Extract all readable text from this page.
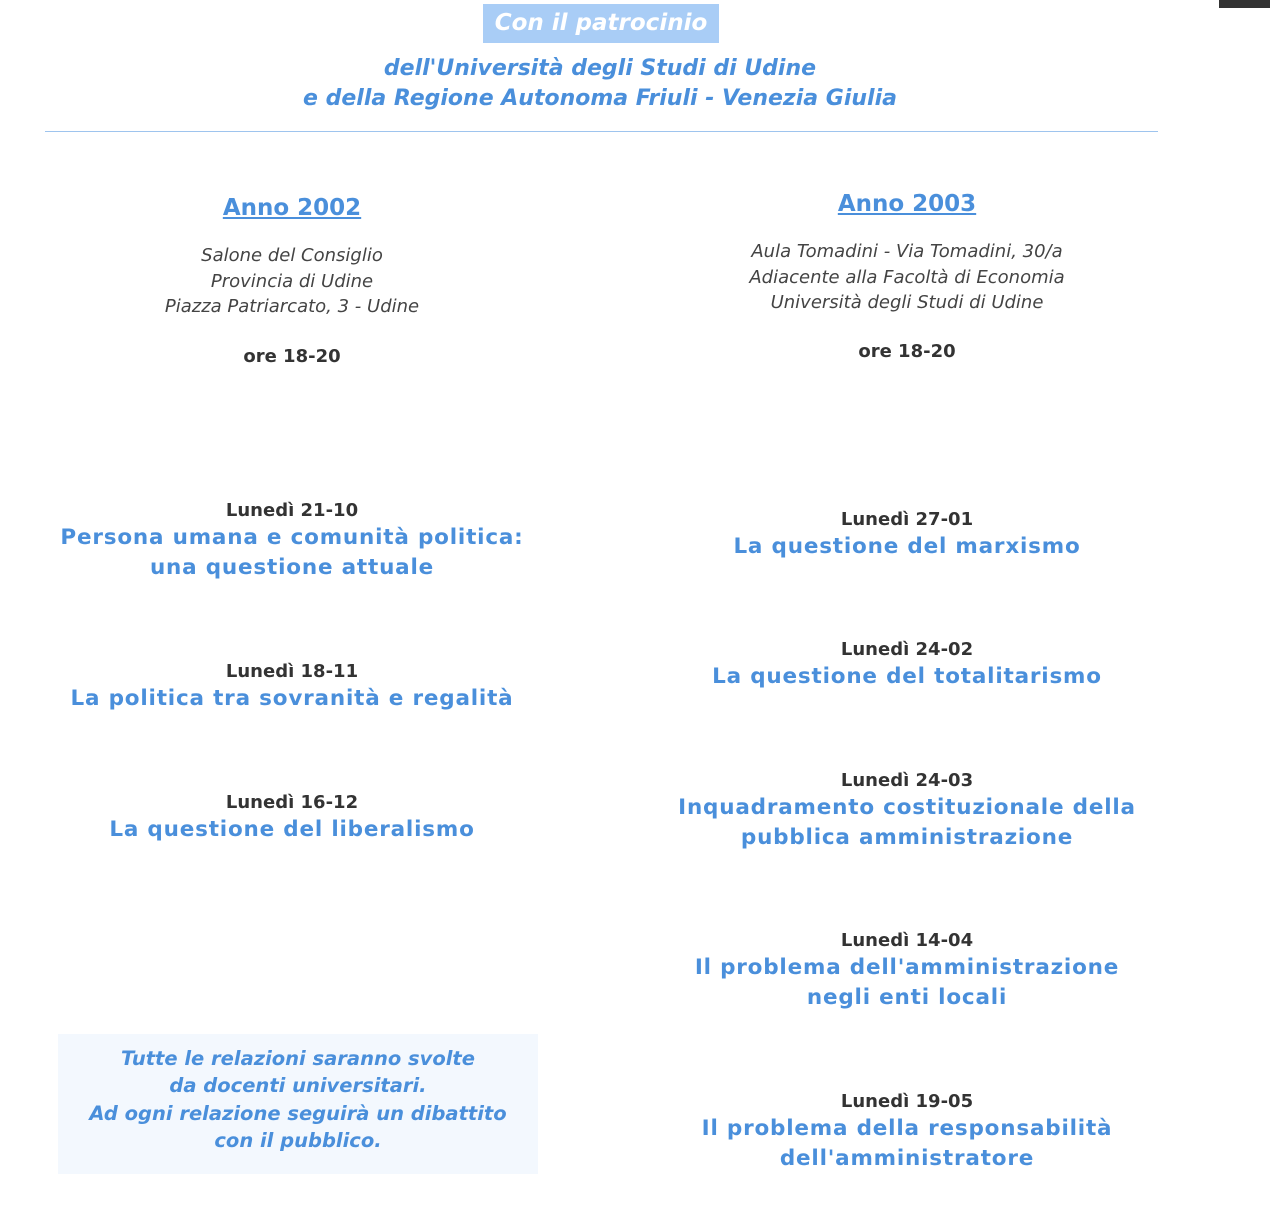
Con il patrocinio
dell'Università degli Studi di Udine
e della Regione Autonoma Friuli - Venezia Giulia

Anno 2002

Salone del Consiglio

Provincia di Udine

Piazza Patriarcato, 3 - Udine

ore 18-20

Anno 2003

Aula Tomadini - Via Tomadini, 30/a

Adiacente alla Facoltà di Economia

Università degli Studi di Udine

ore 18-20

Lunedì 21-10

Persona umana e comunità politica:

una questione attuale

Lunedì 18-11

La politica tra sovranità e regalità

Lunedì 16-12

La questione del liberalismo

Lunedì 27-01

La questione del marxismo

Lunedì 24-02

La questione del totalitarismo

Lunedì 24-03

Inquadramento costituzionale della

pubblica amministrazione

Lunedì 14-04

Il problema dell'amministrazione

negli enti locali

Lunedì 19-05

Il problema della responsabilità

dell'amministratore

Tutte le relazioni saranno svolte
da docenti universitari.
Ad ogni relazione seguirà un dibattito
con il pubblico.
